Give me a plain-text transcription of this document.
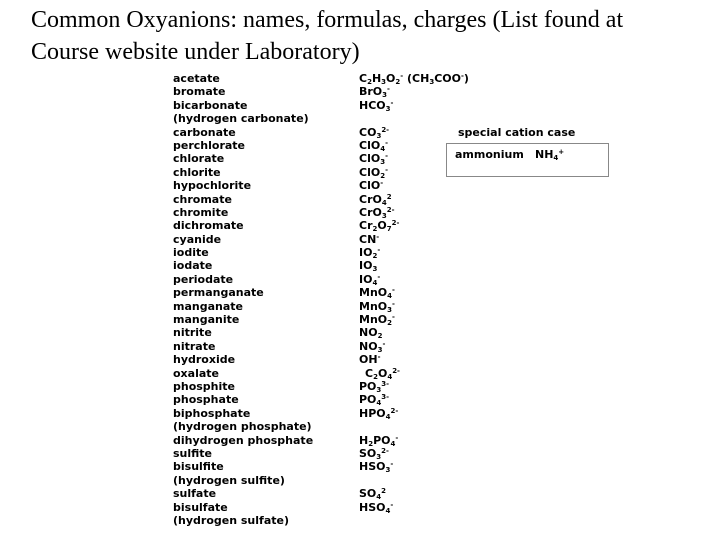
Common Oxyanions: names, formulas, charges (List found at Course website under Laboratory)
acetate	$C_2H_3O_2^-$ $(CH_3COO^-)$
bromate	BrO$_3$-
bicarbonate	$HCO_3^-$
(hydrogen carbonate)
carbonate	$CO_3^{2-}$
perchlorate	ClO$_4$-
chlorate	ClO$_3$-
chlorite	ClO$_2$-
hypochlorite	ClO-
chromate	CrO$_4^2$
chromite	CrO$_3^{2-}$
dichromate	$Cr_2O_7^{2-}$
cyanide	CN-
iodite	$IO_2^-$
iodate	$IO_3$
periodate	$IO_4^-$
permanganate	MnO$_4$-
manganate	MnO$_3$-
manganite	MnO$_2$-
nitrite	$NO_2$
nitrate	$NO_3^-$
hydroxide	OH-
oxalate	$C_2O_4^{2-}$
phosphite	$PO_3^{3-}$
phosphate	$PO_4^{3-}$
biphosphate	$HPO_4^{2-}$
(hydrogen phosphate)
dihydrogen phosphate	$H_2PO_4^-$
sulfite	$SO_3^{2-}$
bisulfite	$HSO_3^-$
(hydrogen sulfite)
sulfate	$SO_4^2$
bisulfate	$HSO_4^-$
(hydrogen sulfate)
special cation case
ammonium $NH_4^+$
